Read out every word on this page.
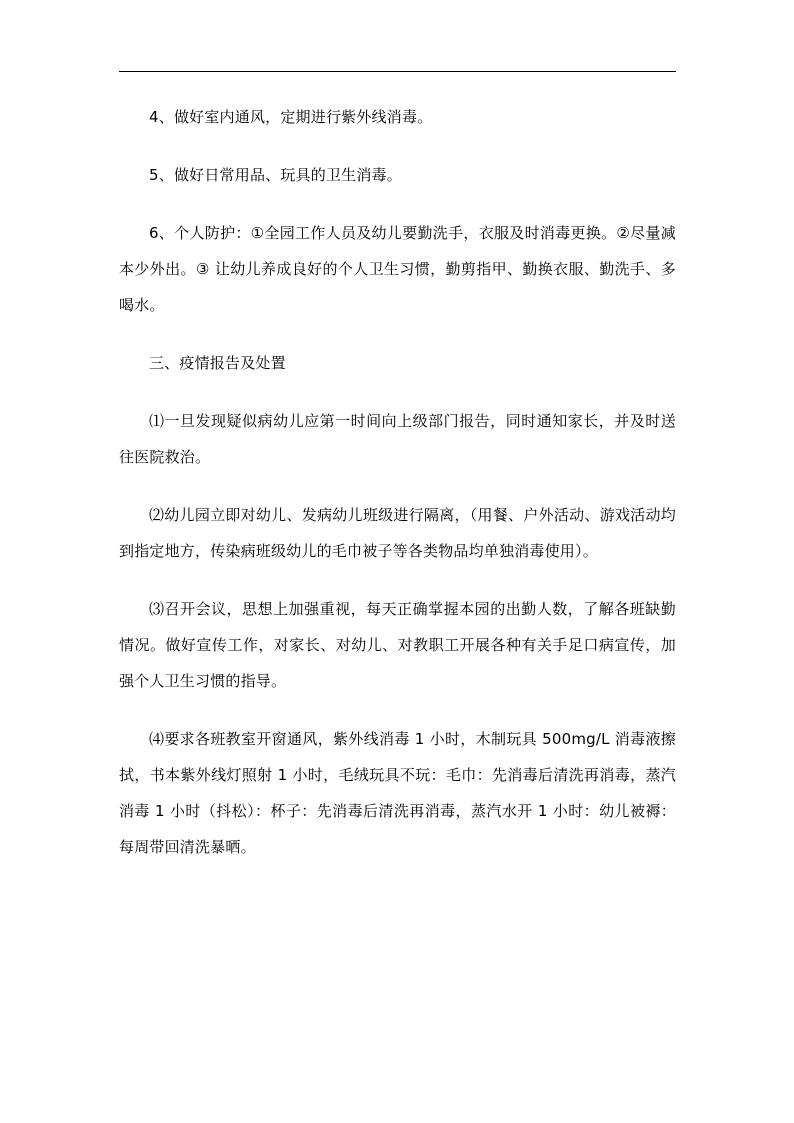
4、做好室内通风，定期进行紫外线消毒。

5、做好日常用品、玩具的卫生消毒。

6、个人防护：①全园工作人员及幼儿要勤洗手，衣服及时消毒更换。②尽量减本少外出。③ 让幼儿养成良好的个人卫生习惯，勤剪指甲、勤换衣服、勤洗手、多喝水。

三、疫情报告及处置

⑴一旦发现疑似病幼儿应第一时间向上级部门报告，同时通知家长，并及时送往医院救治。

⑵幼儿园立即对幼儿、发病幼儿班级进行隔离，（用餐、户外活动、游戏活动均到指定地方，传染病班级幼儿的毛巾被子等各类物品均单独消毒使用）。

⑶召开会议，思想上加强重视，每天正确掌握本园的出勤人数，了解各班缺勤情况。做好宣传工作，对家长、对幼儿、对教职工开展各种有关手足口病宣传，加强个人卫生习惯的指导。

⑷要求各班教室开窗通风，紫外线消毒 1 小时，木制玩具 500mg/L 消毒液擦拭，书本紫外线灯照射 1 小时，毛绒玩具不玩：毛巾：先消毒后清洗再消毒，蒸汽消毒 1 小时（抖松）：杯子：先消毒后清洗再消毒，蒸汽水开 1 小时：幼儿被褥：每周带回清洗暴晒。
